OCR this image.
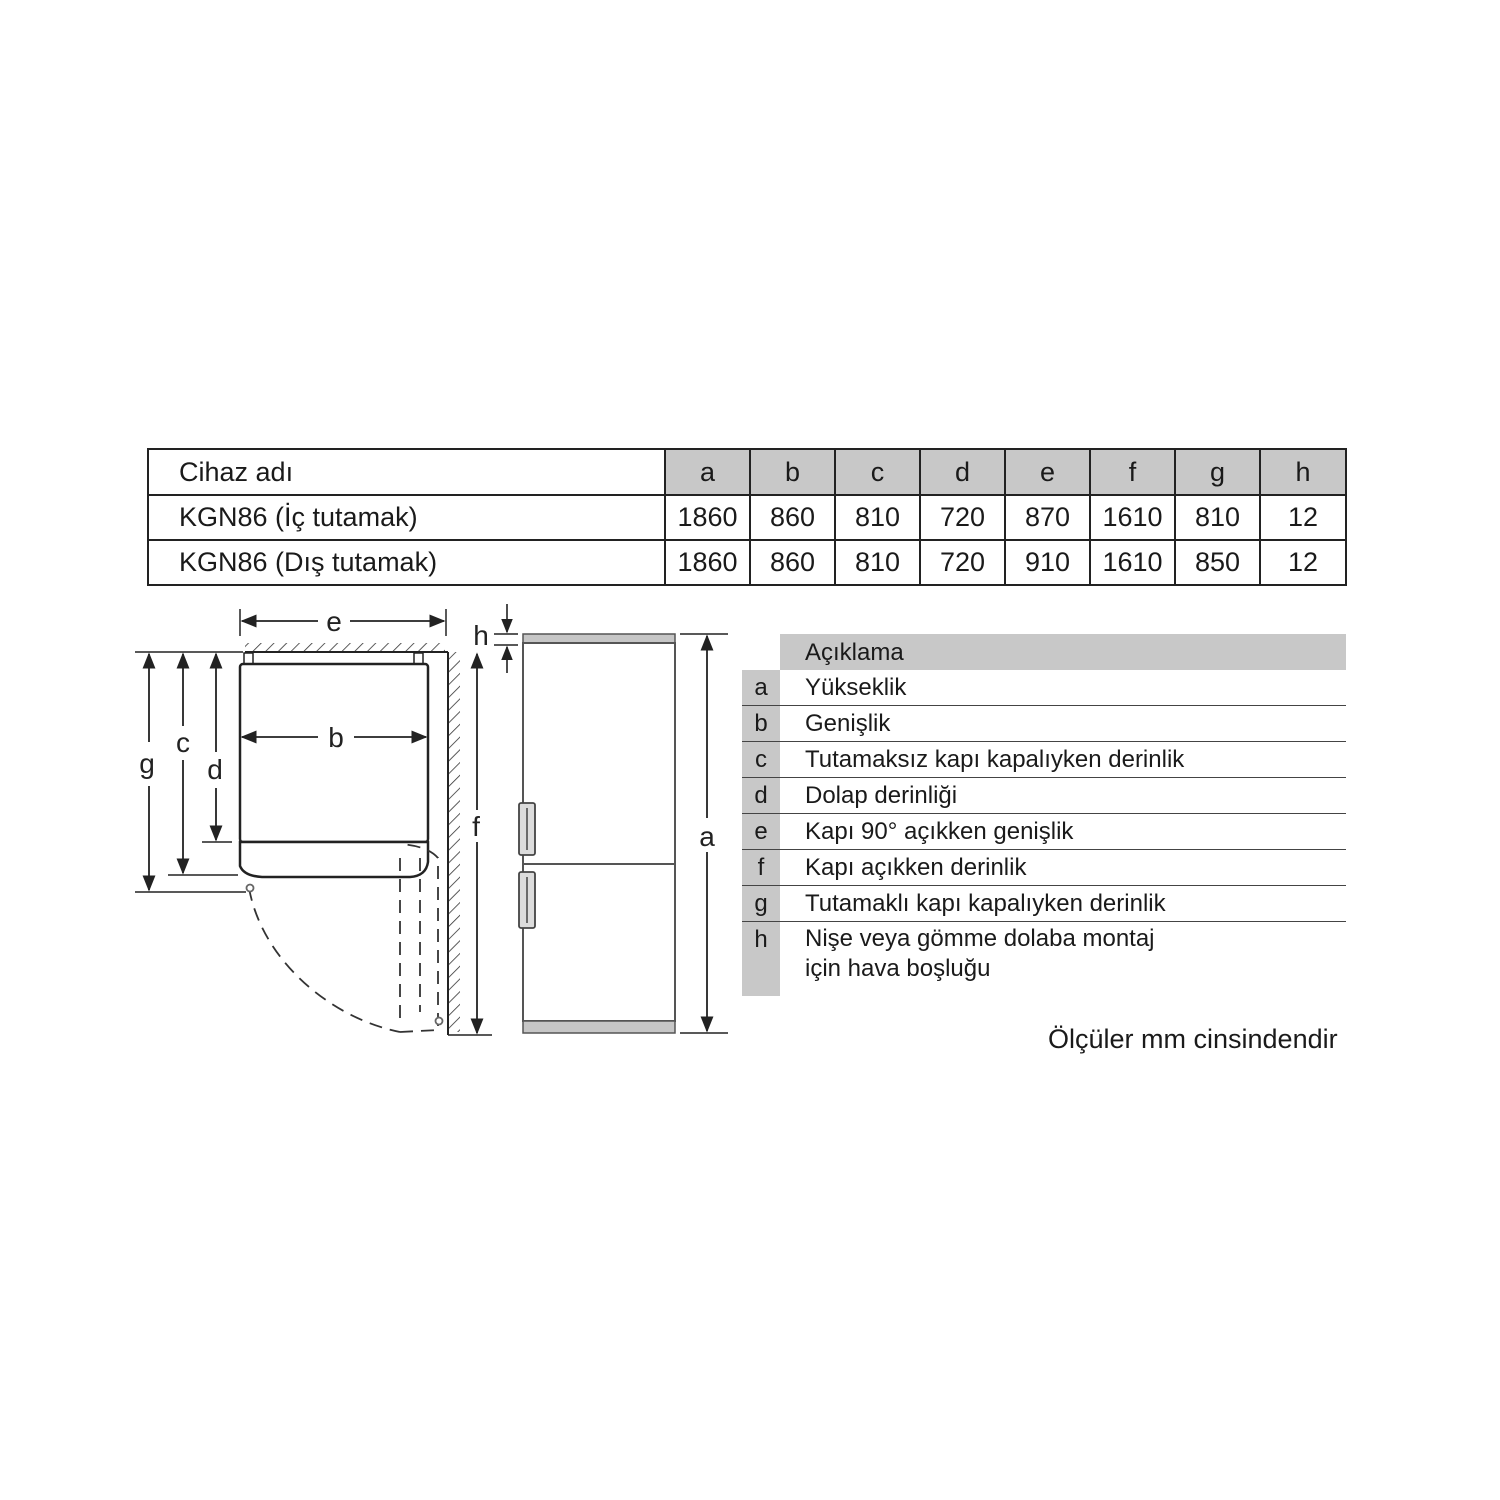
Cihaz adı	a	b	c	d	e	f	g	h
KGN86 (İç tutamak)	1860	860	810	720	870	1610	810	12
KGN86 (Dış tutamak)	1860	860	810	720	910	1610	850	12
e
b
g
c
d
f
h
a
Açıklama
a	Yükseklik
b	Genişlik
c	Tutamaksız kapı kapalıyken derinlik
d	Dolap derinliği
e	Kapı 90° açıkken genişlik
f	Kapı açıkken derinlik
g	Tutamaklı kapı kapalıyken derinlik
h	Nişe veya gömme dolaba montaj
için hava boşluğu
Ölçüler mm cinsindendir
